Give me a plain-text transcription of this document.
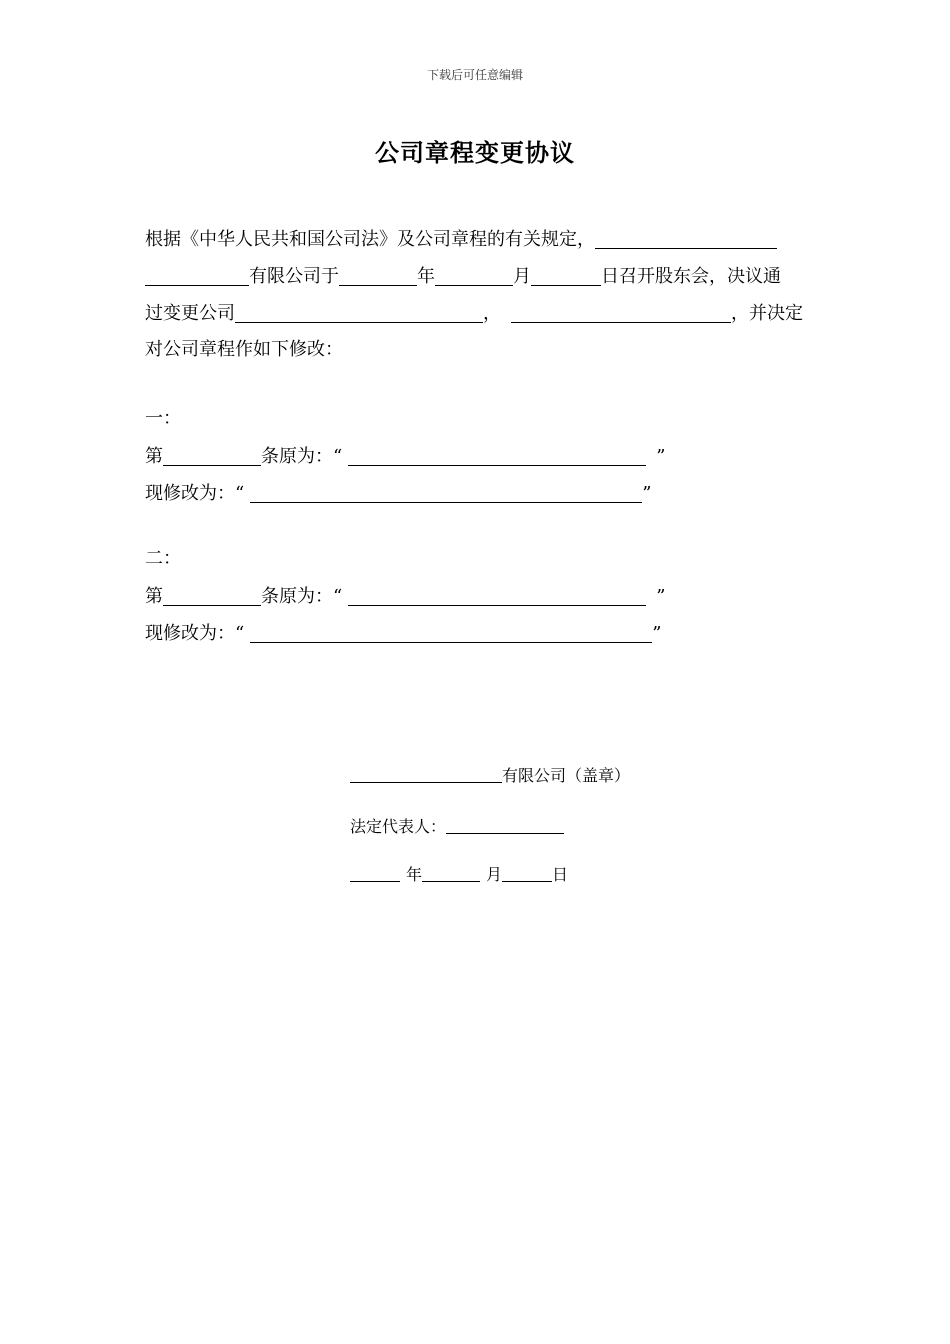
下载后可任意编辑
公司章程变更协议
根据《中华人民共和国公司法》及公司章程的有关规定，
有限公司于	年	月	日召开股东会，决议通
过变更公司	，	，并决定
对公司章程作如下修改：
一：
第	条原为：“	”
现修改为：“	”
二：
第	条原为：“	”
现修改为：“	”
有限公司（盖章）
法定代表人：
年	月	日
